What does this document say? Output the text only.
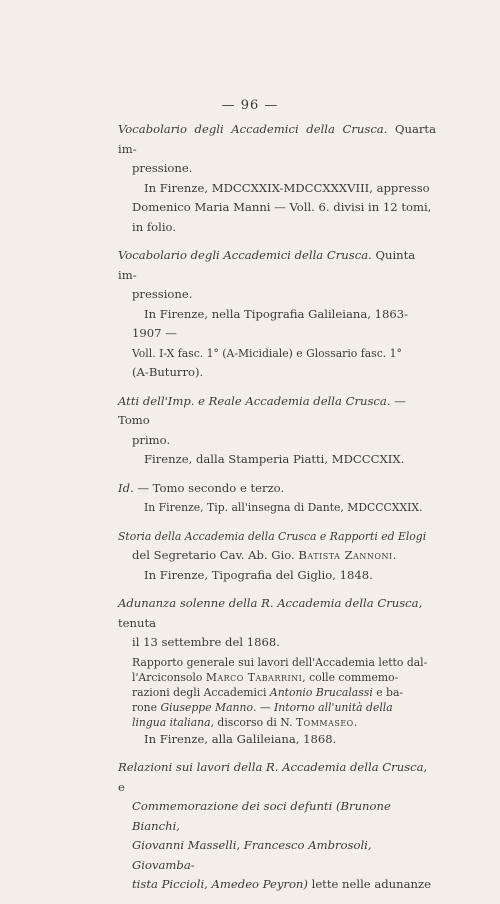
— 96 —

Vocabolario degli Accademici della Crusca. Quarta im-

pressione.

In Firenze, MDCCXXIX-MDCCXXXVIII, appresso

Domenico Maria Manni — Voll. 6. divisi in 12 tomi,

in folio.

Vocabolario degli Accademici della Crusca. Quinta im-

pressione.

In Firenze, nella Tipografia Galileiana, 1863-1907 —

Voll. I-X fasc. 1° (A-Micidiale) e Glossario fasc. 1°

(A-Buturro).

Atti dell'Imp. e Reale Accademia della Crusca. — Tomo

primo.

Firenze, dalla Stamperia Piatti, MDCCCXIX.

Id. — Tomo secondo e terzo.

In Firenze, Tip. all'insegna di Dante, MDCCCXXIX.

Storia della Accademia della Crusca e Rapporti ed Elogi

del Segretario Cav. Ab. Gio. Batista Zannoni.

In Firenze, Tipografia del Giglio, 1848.

Adunanza solenne della R. Accademia della Crusca, tenuta

il 13 settembre del 1868.

Rapporto generale sui lavori dell'Accademia letto dal-

l'Arciconsolo Marco Tabarrini, colle commemo-

razioni degli Accademici Antonio Brucalassi e ba-

rone Giuseppe Manno. — Intorno all'unità della

lingua italiana, discorso di N. Tommaseo.

In Firenze, alla Galileiana, 1868.

Relazioni sui lavori della R. Accademia della Crusca, e

Commemorazione dei soci defunti (Brunone Bianchi,

Giovanni Masselli, Francesco Ambrosoli, Giovamba-

tista Piccioli, Amedeo Peyron) lette nelle adunanze
